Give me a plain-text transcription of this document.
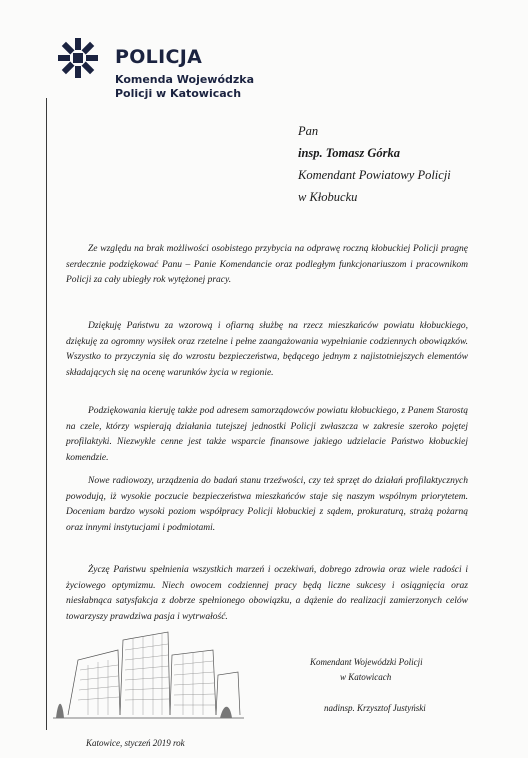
POLICJA
Komenda Wojewódzka
Policji w Katowicach
Pan
insp. Tomasz Górka
Komendant Powiatowy Policji
w Kłobucku

Ze względu na brak możliwości osobistego przybycia na odprawę roczną kłobuckiej Policji pragnę serdecznie podziękować Panu – Panie Komendancie oraz podległym funkcjonariuszom i pracownikom Policji za cały ubiegły rok wytężonej pracy.

Dziękuję Państwu za wzorową i ofiarną służbę na rzecz mieszkańców powiatu kłobuckiego, dziękuję za ogromny wysiłek oraz rzetelne i pełne zaangażowania wypełnianie codziennych obowiązków. Wszystko to przyczynia się do wzrostu bezpieczeństwa, będącego jednym z najistotniejszych elementów składających się na ocenę warunków życia w regionie.

Podziękowania kieruję także pod adresem samorządowców powiatu kłobuckiego, z Panem Starostą na czele, którzy wspierają działania tutejszej jednostki Policji zwłaszcza w zakresie szeroko pojętej profilaktyki. Niezwykle cenne jest także wsparcie finansowe jakiego udzielacie Państwo kłobuckiej komendzie.

Nowe radiowozy, urządzenia do badań stanu trzeźwości, czy też sprzęt do działań profilaktycznych powodują, iż wysokie poczucie bezpieczeństwa mieszkańców staje się naszym wspólnym priorytetem. Doceniam bardzo wysoki poziom współpracy Policji kłobuckiej z sądem, prokuraturą, strażą pożarną oraz innymi instytucjami i podmiotami.

Życzę Państwu spełnienia wszystkich marzeń i oczekiwań, dobrego zdrowia oraz wiele radości i życiowego optymizmu. Niech owocem codziennej pracy będą liczne sukcesy i osiągnięcia oraz niesłabnąca satysfakcja z dobrze spełnionego obowiązku, a dążenie do realizacji zamierzonych celów towarzyszy prawdziwa pasja i wytrwałość.

Komendant Wojewódzki Policji
w Katowicach
nadinsp. Krzysztof Justyński
Katowice, styczeń 2019 rok
